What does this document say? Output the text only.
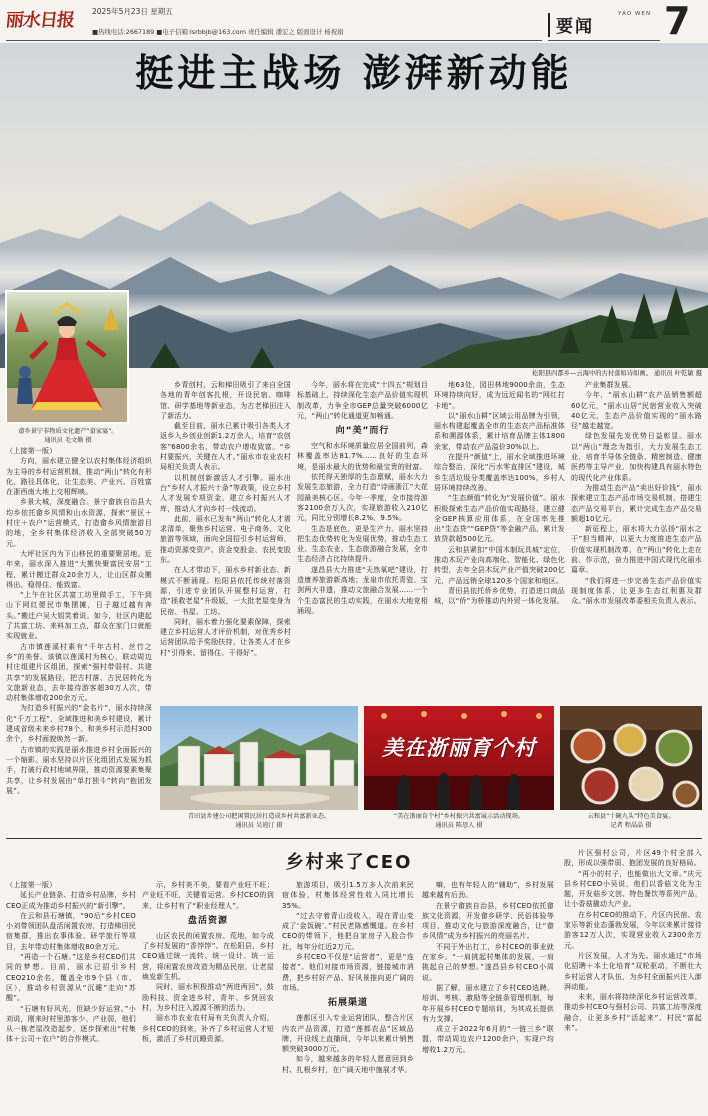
丽水日报 2025年5月23日 星期五
■热线电话:2667189 ■电子信箱:lsrbbjb@163.com 责任编辑 潘宏之 版面设计 杨祝娟	要闻
YAO WEN 7
挺进主战场 澎湃新动能
松阳县四都乡—云海中的古村落如诗如画。 通讯员 叶乾敏 摄
畲乡景宁非物质文化遗产“畲家宴”。
通讯员 毛文勤 摄

（上接第一版）

方向，丽水建立健全以农村集体经济组织为主导的乡村运营机制，推动“两山”转化有形化、路径具体化，让生态美、产业兴、百姓富在浙西南大地上交相辉映。

乡景大城，深度融合。景宁畲族自治县大均乡依托畲乡风情和山水资源，探索“景区＋村庄＋农户”运营模式，打造畲乡风情旅游目的地，全乡村集体经济收入全部突破50万元。

大坪社区内为下山移民的重要聚居地。近年来，丽水深入推进“大搬快聚富民安居”工程，累计搬迁群众20余万人，让山区群众搬得出、稳得住、能致富。

“上午在社区共富工坊里做手工，下午到山下网红便民市集摆摊，日子越过越有奔头。”搬迁户吴大姐笑着说。如今，社区内建起了共富工坊、来料加工点，群众在家门口就能实现就业。

古市镇莲溪村素有“千年古村、丝竹之乡”的美誉。该镇以莲溪村为核心，联动周边村庄组建片区组团，探索“强村带弱村、共建共享”的发展路径，把古村落、古民居转化为文旅新业态，去年接待游客超30万人次，带动村集体增收200余万元。

为打造乡村振兴的“金名片”，丽水持续深化“千万工程”，全域推进和美乡村建设，累计建成省级未来乡村78个、和美乡村示范村300余个，乡村面貌焕然一新。

古市镇的实践是丽水推进乡村全面振兴的一个缩影。丽水坚持以片区化组团式发展为抓手，打破行政村地域界限，推动资源要素集聚共享，让乡村发展由“单打独斗”转向“抱团发展”。

乡青创村，云和梯田吸引了来自全国各地的青年创客扎根，开设民宿、咖啡馆、研学基地等新业态，为古老梯田注入了新活力。

截至目前，丽水已累计吸引各类人才返乡入乡创业创新1.2万余人，培育“农创客”6800余名，带动农户增收致富。“乡村要振兴，关键在人才。”丽水市农业农村局相关负责人表示。

以机制创新激活人才引擎。丽水出台“乡村人才振兴十条”等政策，设立乡村人才发展专项资金，建立乡村振兴人才库，推动人才向乡村一线流动。

此前，丽水已发布“两山”转化人才需求清单，聚焦乡村运营、电子商务、文化旅游等领域，面向全国招引乡村运营师，推动资源变资产、资金变股金、农民变股东。

在人才带动下，丽水乡村新业态、新模式不断涌现。松阳县依托传统村落资源，引进专业团队开展整村运营，打造“拯救老屋”升级版，一大批老屋变身为民宿、书屋、工坊。

同时，丽水着力强化要素保障，探索建立乡村运营人才评价机制，对优秀乡村运营团队给予奖励扶持，让各类人才在乡村“引得来、留得住、干得好”。

今年，丽水将在完成“十四五”规划目标基础上，持续深化生态产品价值实现机制改革，力争全市GEP总量突破6000亿元，“两山”转化通道更加畅通。

向“美”而行

空气和水环境质量位居全国前列，森林覆盖率达81.7%……良好的生态环境，是丽水最大的优势和最宝贵的财富。

依托得天独厚的生态禀赋，丽水大力发展生态旅游，全力打造“诗画浙江”大花园最美核心区。今年一季度，全市接待游客2100余万人次，实现旅游收入210亿元，同比分别增长8.2%、9.5%。

生态是底色，更是生产力。丽水坚持把生态优势转化为发展优势，推动生态工业、生态农业、生态旅游融合发展，全市生态经济占比持续提升。

遂昌县大力推进“天然氧吧”建设，打造康养旅游新高地；龙泉市依托青瓷、宝剑两大非遗，推动文旅融合发展……一个个生态富民的生动实践，在丽水大地竞相涌现。

地63处，园田林地9000余亩，生态环境持续向好，成为远近闻名的“网红打卡地”。

以“丽水山耕”区域公用品牌为引领，丽水构建起覆盖全市的生态农产品标准体系和溯源体系，累计培育品牌主体1800余家，带动农产品溢价30%以上。

在提升“颜值”上，丽水全域推进环境综合整治，深化“污水零直排区”建设，城乡生活垃圾分类覆盖率达100%，乡村人居环境持续改善。

“生态颜值”转化为“发展价值”。丽水积极探索生态产品价值实现路径，建立健全GEP核算应用体系，在全国率先推出“生态贷”“GEP贷”等金融产品，累计发放贷款超500亿元。

云和县紧扣“中国木制玩具城”定位，推动木玩产业向高端化、智能化、绿色化转型，去年全县木玩产业产值突破200亿元，产品远销全球120多个国家和地区。

青田县依托侨乡优势，打造进口商品城，以“侨”为桥推动内外贸一体化发展。

产业集群发展。

今年，“丽水山耕”农产品销售额超60亿元，“丽水山居”民宿营业收入突破40亿元，生态产品价值实现的“丽水路径”越走越宽。

绿色发展先发优势日益彰显。丽水以“两山”理念为指引，大力发展生态工业，培育半导体全链条、精密制造、健康医药等主导产业，加快构建具有丽水特色的现代化产业体系。

为推动生态产品“卖出好价钱”，丽水探索建立生态产品市场交易机制，搭建生态产品交易平台，累计完成生态产品交易额超10亿元。

新征程上，丽水将大力弘扬“丽水之干”担当精神，以更大力度推进生态产品价值实现机制改革，在“两山”转化上走在前、作示范，奋力推进中国式现代化丽水篇章。

“我们将进一步完善生态产品价值实现制度体系，让更多生态红利惠及群众。”丽水市发展改革委相关负责人表示。

美在浙丽育个村
青田县乡建公司把闲置民居打造成乡村共富新业态。
通讯员 吴逍汀 摄
“美在浙丽育个村”乡村振兴共富展示活动现场。
通讯员 陈思人 摄
云和县“十碗九头”特色美食宴。
记者 程晶晶 摄
乡村来了CEO

（上接第一版）

延长产业链条、打造乡村品牌，乡村CEO正成为推动乡村振兴的“新引擎”。

在云和县石塘镇，“90后”乡村CEO小刘带领团队盘活闲置农房，打造梯田民宿集群，推出农事体验、研学旅行等项目，去年带动村集体增收80余万元。

“再造一个石塘。”这是乡村CEO们共同的梦想。目前，丽水已招引乡村CEO210余名，覆盖全市9个县（市、区），推动乡村资源从“沉睡”走向“苏醒”。

“石塘有好风光，但缺少好运营。”小刘说，刚来时村里游客少、产业弱，他们从一栋老屋改造起步，逐步探索出“村集体＋公司＋农户”的合作模式。

示，乡村美不美，要看产业旺不旺；产业旺不旺，关键看运营。乡村CEO的到来，让乡村有了“职业经理人”。

盘活资源

山区农民的闲置农房、荒地，如今成了乡村发展的“香饽饽”。在松阳县，乡村CEO通过统一流转、统一设计、统一运营，将闲置农房改造为精品民宿，让老屋焕发新生机。

同时，丽水积极推动“两进两回”，鼓励科技、资金进乡村，青年、乡贤回农村，为乡村注入源源不断的活力。

丽水市农业农村局有关负责人介绍，乡村CEO的到来，补齐了乡村运营人才短板，激活了乡村沉睡资源。

旅游项目，吸引1.5万多人次前来民宿体验，村集体经营性收入同比增长35%。

“过去守着青山没收入，现在青山变成了‘金饭碗’。”村民老陈感慨道。在乡村CEO的带领下，他把自家房子入股合作社，每年分红近2万元。

乡村CEO不仅是“运营者”，更是“连接者”。他们对接市场资源，链接城市消费，把乡村好产品、好风景推向更广阔的市场。

拓展渠道

莲都区引入专业运营团队，整合片区内农产品资源，打造“莲都农品”区域品牌，开设线上直播间，今年以来累计销售额突破3000万元。

如今，越来越多的年轻人愿意回到乡村、扎根乡村，在广阔天地中施展才华。

嘛，也有年轻人的“辅助”，乡村发展越来越有后劲。

在景宁畲族自治县，乡村CEO依托畲族文化资源，开发畲乡研学、民俗体验等项目，推动文化与旅游深度融合，让“畲乡风情”成为乡村振兴的亮丽名片。

不同于外出打工，乡村CEO的事业就在家乡。“一肩挑起村集体的发展，一肩挑起自己的梦想。”遂昌县乡村CEO小周说。

据了解，丽水建立了乡村CEO选聘、培训、考核、激励等全链条管理机制，每年开展乡村CEO专题培训，为其成长提供有力支撑。

成立于2022年6月的“一链三乡”联盟，带动周边农户1200余户，实现户均增收1.2万元。

片区强村公司，片区49个村全部入股，形成以强带弱、抱团发展的良好格局。

“再小的村子，也能做出大文章。”庆元县乡村CEO小吴说，他们以香菇文化为主题，开发菇乡文创、特色餐饮等系列产品，让小香菇撬动大产业。

在乡村CEO的推动下，片区内民宿、农家乐等新业态蓬勃发展，今年以来累计接待游客12万人次，实现营业收入2300余万元。

片区发展，人才为先。丽水通过“市场化招聘＋本土化培育”双轮驱动，不断壮大乡村运营人才队伍，为乡村全面振兴注入澎湃动能。

未来，丽水将持续深化乡村运营改革，推动乡村CEO与强村公司、共富工坊等深度融合，让更多乡村“活起来”、村民“富起来”。
